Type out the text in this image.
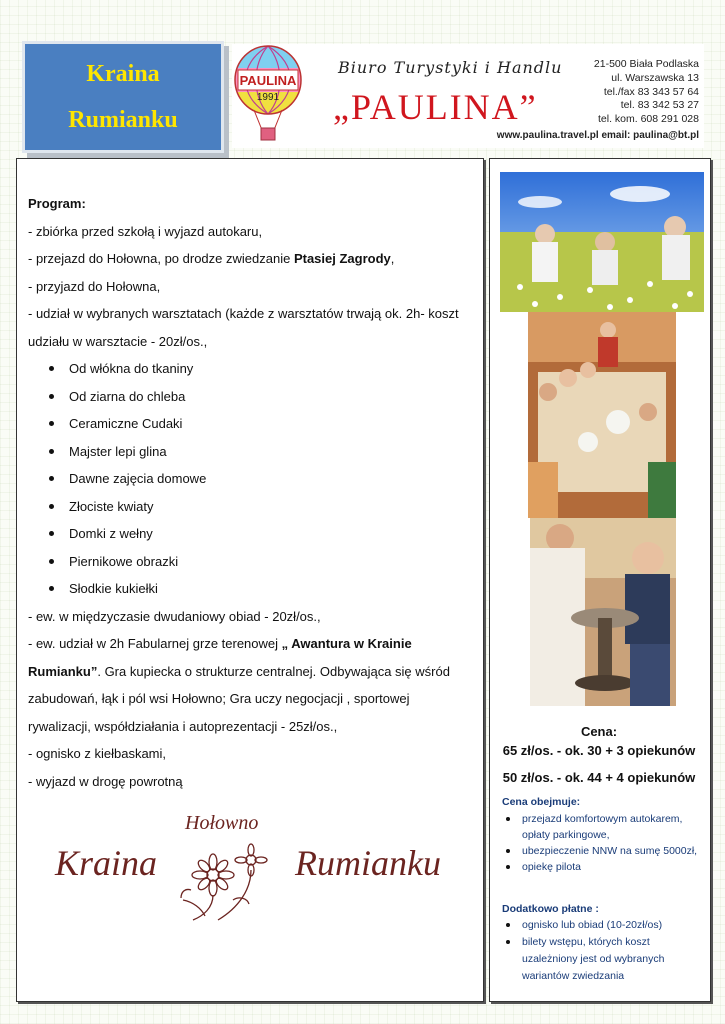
Kraina
Rumianku
PAULINA
1991
Biuro Turystyki i Handlu
„PAULINA”
21-500 Biała Podlaska
ul. Warszawska 13
tel./fax 83 343 57 64
tel. 83 342 53 27
tel. kom. 608 291 028
www.paulina.travel.pl email: paulina@bt.pl
Program:
- zbiórka przed szkołą i wyjazd autokaru,
- przejazd do Hołowna, po drodze zwiedzanie Ptasiej Zagrody,
- przyjazd do Hołowna,
- udział w wybranych warsztatach (każde z warsztatów trwają ok. 2h- koszt
udziału w warsztacie - 20zł/os.,
Od włókna do tkaniny
Od ziarna do chleba
Ceramiczne Cudaki
Majster lepi glina
Dawne zajęcia domowe
Złociste kwiaty
Domki z wełny
Piernikowe obrazki
Słodkie kukiełki
- ew. w międzyczasie dwudaniowy obiad - 20zł/os.,
- ew. udział w 2h Fabularnej grze terenowej „ Awantura w Krainie
Rumianku”. Gra kupiecka o strukturze centralnej. Odbywająca się wśród
zabudowań, łąk i pól wsi Hołowno; Gra uczy negocjacji , sportowej
rywalizacji, współdziałania i autoprezentacji - 25zł/os.,
- ognisko z kiełbaskami,
- wyjazd w drogę powrotną
Hołowno
Kraina	Rumianku
Cena:
65 zł/os. - ok. 30 + 3 opiekunów
50 zł/os. - ok. 44 + 4 opiekunów
Cena obejmuje:
przejazd komfortowym autokarem, opłaty parkingowe,
ubezpieczenie NNW na sumę 5000zł,
opiekę pilota
Dodatkowo płatne :
ognisko lub obiad (10-20zł/os)
bilety wstępu, których koszt uzależniony jest od wybranych wariantów zwiedzania
